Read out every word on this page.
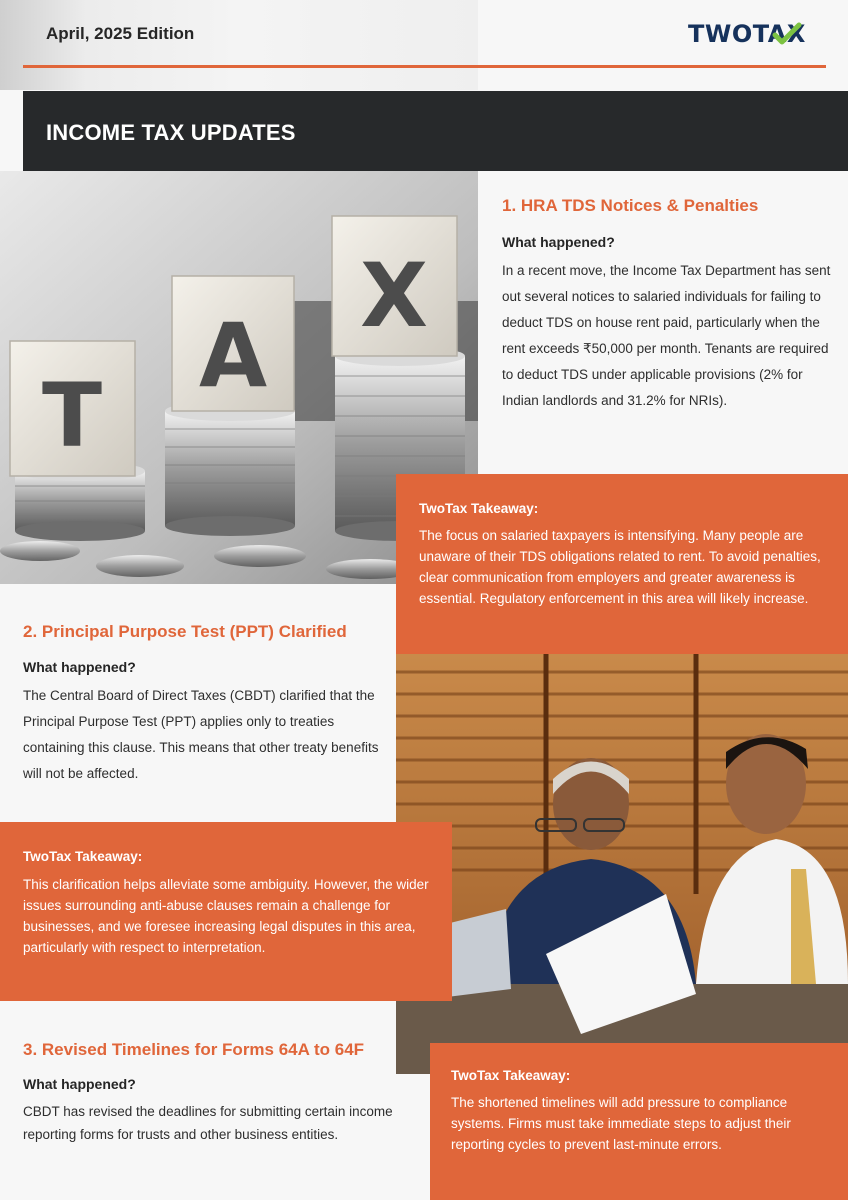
April, 2025 Edition	TWOTAX
INCOME TAX UPDATES
T
A
X
1. HRA TDS Notices & Penalties
What happened?
In a recent move, the Income Tax Department has sent out several notices to salaried individuals for failing to deduct TDS on house rent paid, particularly when the rent exceeds ₹50,000 per month. Tenants are required to deduct TDS under applicable provisions (2% for Indian landlords and 31.2% for NRIs).
TwoTax Takeaway:
The focus on salaried taxpayers is intensifying. Many people are unaware of their TDS obligations related to rent. To avoid penalties, clear communication from employers and greater awareness is essential. Regulatory enforcement in this area will likely increase.
2. Principal Purpose Test (PPT) Clarified
What happened?
The Central Board of Direct Taxes (CBDT) clarified that the Principal Purpose Test (PPT) applies only to treaties containing this clause. This means that other treaty benefits will not be affected.
TwoTax Takeaway:
This clarification helps alleviate some ambiguity. However, the wider issues surrounding anti-abuse clauses remain a challenge for businesses, and we foresee increasing legal disputes in this area, particularly with respect to interpretation.
3. Revised Timelines for Forms 64A to 64F
What happened?
CBDT has revised the deadlines for submitting certain income reporting forms for trusts and other business entities.
TwoTax Takeaway:
The shortened timelines will add pressure to compliance systems. Firms must take immediate steps to adjust their reporting cycles to prevent last-minute errors.
